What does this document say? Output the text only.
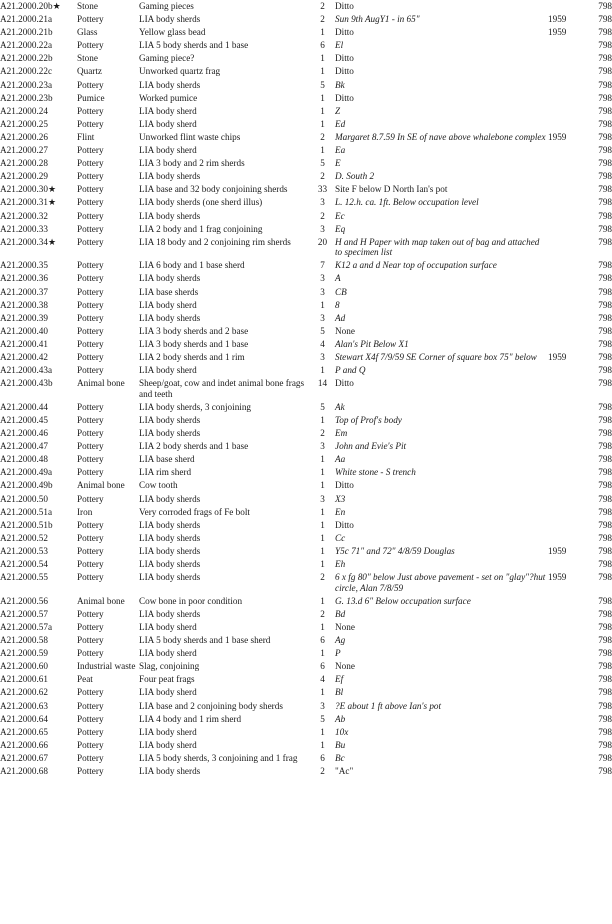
A21.2000.20b★	Stone	Gaming pieces	2	Ditto		798
A21.2000.21a	Pottery	LIA body sherds	2	Sun 9th AugY1 - in 65"	1959	798
A21.2000.21b	Glass	Yellow glass bead	1	Ditto	1959	798
A21.2000.22a	Pottery	LIA 5 body sherds and 1 base	6	El		798
A21.2000.22b	Stone	Gaming piece?	1	Ditto		798
A21.2000.22c	Quartz	Unworked quartz frag	1	Ditto		798
A21.2000.23a	Pottery	LIA body sherds	5	Bk		798
A21.2000.23b	Pumice	Worked pumice	1	Ditto		798
A21.2000.24	Pottery	LIA body sherd	1	Z		798
A21.2000.25	Pottery	LIA body sherd	1	Ed		798
A21.2000.26	Flint	Unworked flint waste chips	2	Margaret 8.7.59 In SE of nave above whalebone complex	1959	798
A21.2000.27	Pottery	LIA body sherd	1	Ea		798
A21.2000.28	Pottery	LIA 3 body and 2 rim sherds	5	E		798
A21.2000.29	Pottery	LIA body sherds	2	D. South 2		798
A21.2000.30★	Pottery	LIA base and 32 body conjoining sherds	33	Site F below D North Ian's pot		798
A21.2000.31★	Pottery	LIA body sherds (one sherd illus)	3	L. 12.h. ca. 1ft. Below occupation level		798
A21.2000.32	Pottery	LIA body sherds	2	Ec		798
A21.2000.33	Pottery	LIA 2 body and 1 frag conjoining	3	Eq		798
A21.2000.34★	Pottery	LIA 18 body and 2 conjoining rim sherds	20	H and H Paper with map taken out of bag and attached to specimen list		798
A21.2000.35	Pottery	LIA 6 body and 1 base sherd	7	K12 a and d Near top of occupation surface		798
A21.2000.36	Pottery	LIA body sherds	3	A		798
A21.2000.37	Pottery	LIA base sherds	3	CB		798
A21.2000.38	Pottery	LIA body sherd	1	8		798
A21.2000.39	Pottery	LIA body sherds	3	Ad		798
A21.2000.40	Pottery	LIA 3 body sherds and 2 base	5	None		798
A21.2000.41	Pottery	LIA 3 body sherds and 1 base	4	Alan's Pit Below X1		798
A21.2000.42	Pottery	LIA 2 body sherds and 1 rim	3	Stewart X4f 7/9/59 SE Corner of square box 75" below	1959	798
A21.2000.43a	Pottery	LIA body sherd	1	P and Q		798
A21.2000.43b	Animal bone	Sheep/goat, cow and indet animal bone frags and teeth	14	Ditto		798
A21.2000.44	Pottery	LIA body sherds, 3 conjoining	5	Ak		798
A21.2000.45	Pottery	LIA body sherds	1	Top of Prof's body		798
A21.2000.46	Pottery	LIA body sherds	2	Em		798
A21.2000.47	Pottery	LIA 2 body sherds and 1 base	3	John and Evie's Pit		798
A21.2000.48	Pottery	LIA base sherd	1	Aa		798
A21.2000.49a	Pottery	LIA rim sherd	1	White stone - S trench		798
A21.2000.49b	Animal bone	Cow tooth	1	Ditto		798
A21.2000.50	Pottery	LIA body sherds	3	X3		798
A21.2000.51a	Iron	Very corroded frags of Fe bolt	1	En		798
A21.2000.51b	Pottery	LIA body sherds	1	Ditto		798
A21.2000.52	Pottery	LIA body sherds	1	Cc		798
A21.2000.53	Pottery	LIA body sherds	1	Y5c 71" and 72" 4/8/59 Douglas	1959	798
A21.2000.54	Pottery	LIA body sherds	1	Eh		798
A21.2000.55	Pottery	LIA body sherds	2	6 x fg 80" below Just above pavement - set on "glay"?hut circle, Alan 7/8/59	1959	798
A21.2000.56	Animal bone	Cow bone in poor condition	1	G. 13.d 6" Below occupation surface		798
A21.2000.57	Pottery	LIA body sherds	2	Bd		798
A21.2000.57a	Pottery	LIA body sherd	1	None		798
A21.2000.58	Pottery	LIA 5 body sherds and 1 base sherd	6	Ag		798
A21.2000.59	Pottery	LIA body sherd	1	P		798
A21.2000.60	Industrial waste	Slag, conjoining	6	None		798
A21.2000.61	Peat	Four peat frags	4	Ef		798
A21.2000.62	Pottery	LIA body sherd	1	Bl		798
A21.2000.63	Pottery	LIA base and 2 conjoining body sherds	3	?E about 1 ft above Ian's pot		798
A21.2000.64	Pottery	LIA 4 body and 1 rim sherd	5	Ab		798
A21.2000.65	Pottery	LIA body sherd	1	10x		798
A21.2000.66	Pottery	LIA body sherd	1	Bu		798
A21.2000.67	Pottery	LIA 5 body sherds, 3 conjoining and 1 frag	6	Bc		798
A21.2000.68	Pottery	LIA body sherds	2	"Ac"		798
